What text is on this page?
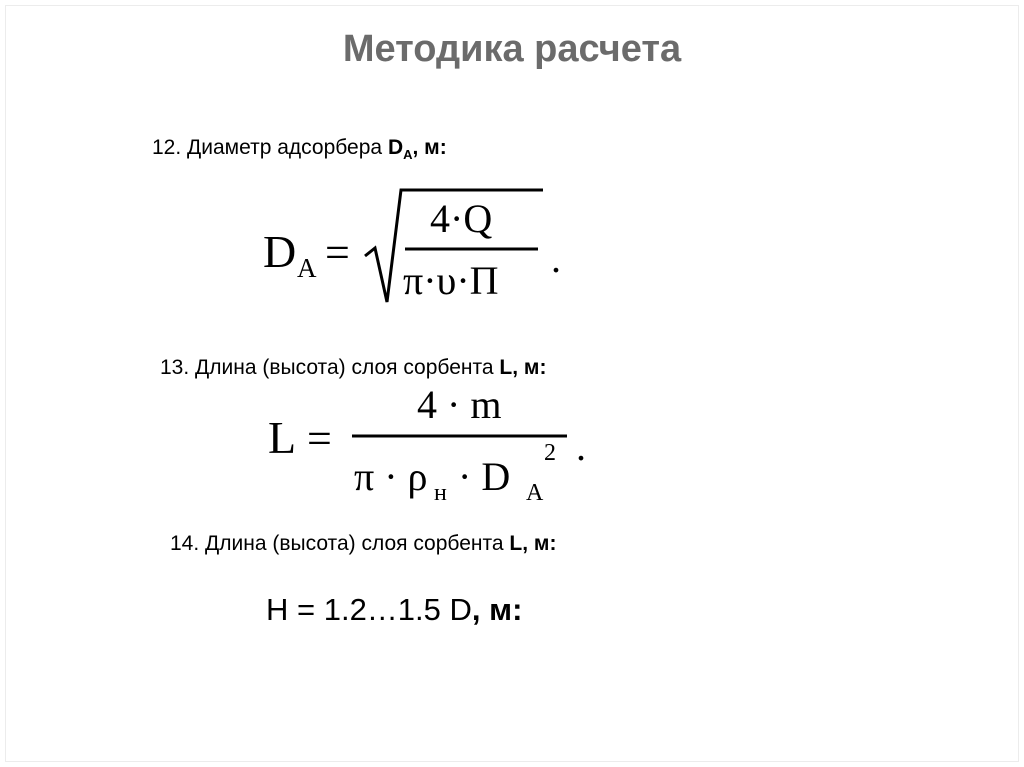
Методика расчета
12. Диаметр адсорбера $D_A$, м:
D A =
4·Q
π·υ·Π .
13. Длина (высота) слоя сорбента L, м:
L =
4 · m
π · ρ н · D A
2 .
14. Длина (высота) слоя сорбента L, м:
H = 1.2…1.5 D, м:
